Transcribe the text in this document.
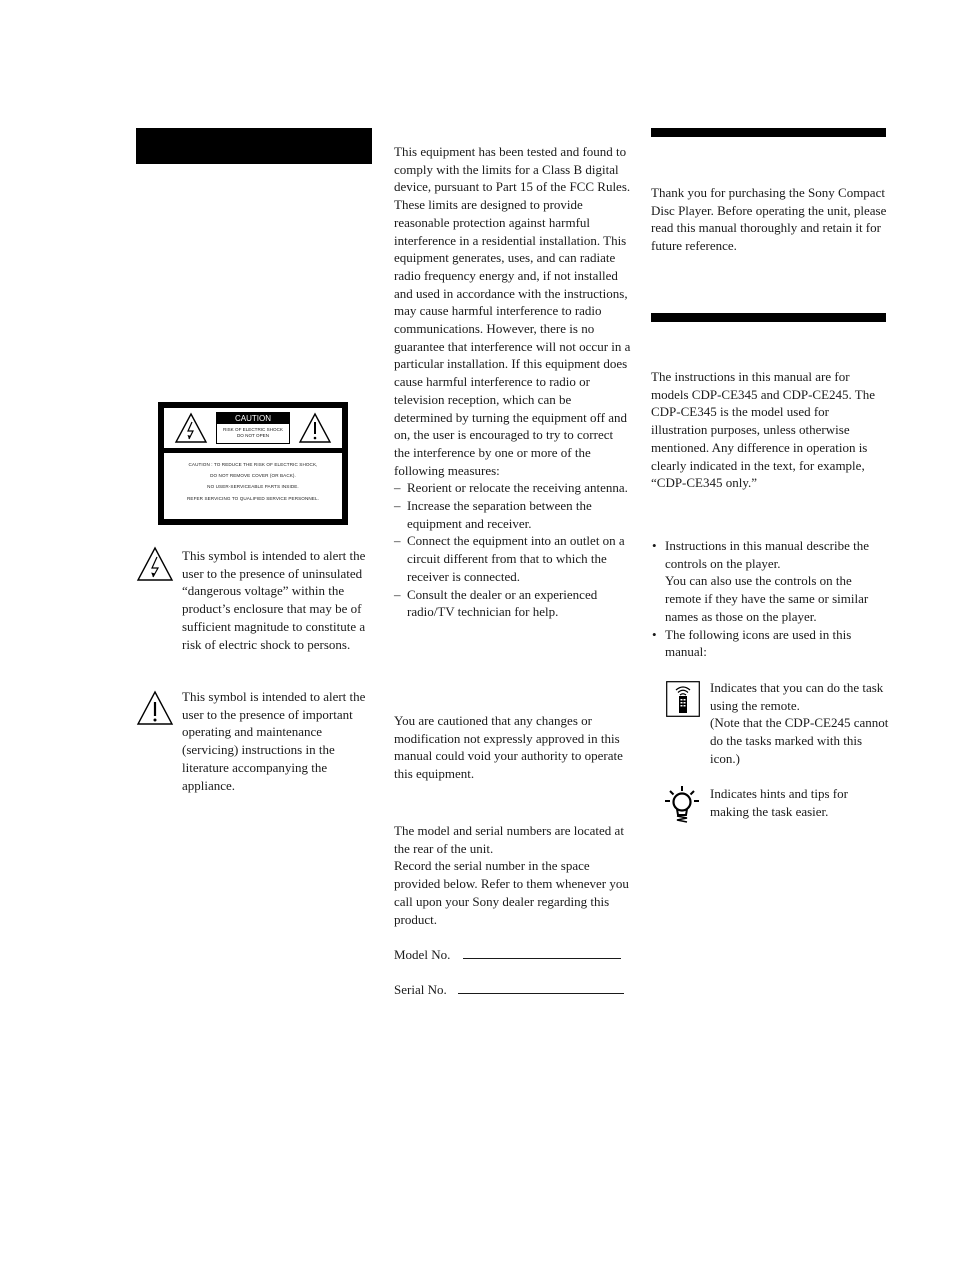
CAUTION
RISK OF ELECTRIC SHOCK
DO NOT OPEN
CAUTION : TO REDUCE THE RISK OF ELECTRIC SHOCK,
DO NOT REMOVE COVER (OR BACK).
NO USER-SERVICEABLE PARTS INSIDE.
REFER SERVICING TO QUALIFIED SERVICE PERSONNEL.
This symbol is intended to alert the user to the presence of uninsulated “dangerous voltage” within the product’s enclosure that may be of sufficient magnitude to constitute a risk of electric shock to persons.
This symbol is intended to alert the user to the presence of important operating and maintenance (servicing) instructions in the literature accompanying the appliance.

This equipment has been tested and found to comply with the limits for a Class B digital device, pursuant to Part 15 of the FCC Rules. These limits are designed to provide reasonable protection against harmful interference in a residential installation. This equipment generates, uses, and can radiate radio frequency energy and, if not installed and used in accordance with the instructions, may cause harmful interference to radio communications. However, there is no guarantee that interference will not occur in a particular installation. If this equipment does cause harmful interference to radio or television reception, which can be determined by turning the equipment off and on, the user is encouraged to try to correct the interference by one or more of the following measures:

– Reorient or relocate the receiving antenna.
– Increase the separation between the equipment and receiver.
– Connect the equipment into an outlet on a circuit different from that to which the receiver is connected.
– Consult the dealer or an experienced radio/TV technician for help.

You are cautioned that any changes or modification not expressly approved in this manual could void your authority to operate this equipment.

The model and serial numbers are located at the rear of the unit.

Record the serial number in the space provided below. Refer to them whenever you call upon your Sony dealer regarding this product.

Model No.
Serial No.

Thank you for purchasing the Sony Compact Disc Player. Before operating the unit, please read this manual thoroughly and retain it for future reference.

The instructions in this manual are for models CDP-CE345 and CDP-CE245. The CDP-CE345 is the model used for illustration purposes, unless otherwise mentioned. Any difference in operation is clearly indicated in the text, for example, “CDP-CE345 only.”

• Instructions in this manual describe the controls on the player.
You can also use the controls on the remote if they have the same or similar names as those on the player.
• The following icons are used in this manual:
Indicates that you can do the task using the remote.
(Note that the CDP-CE245 cannot do the tasks marked with this icon.)
Indicates hints and tips for making the task easier.
